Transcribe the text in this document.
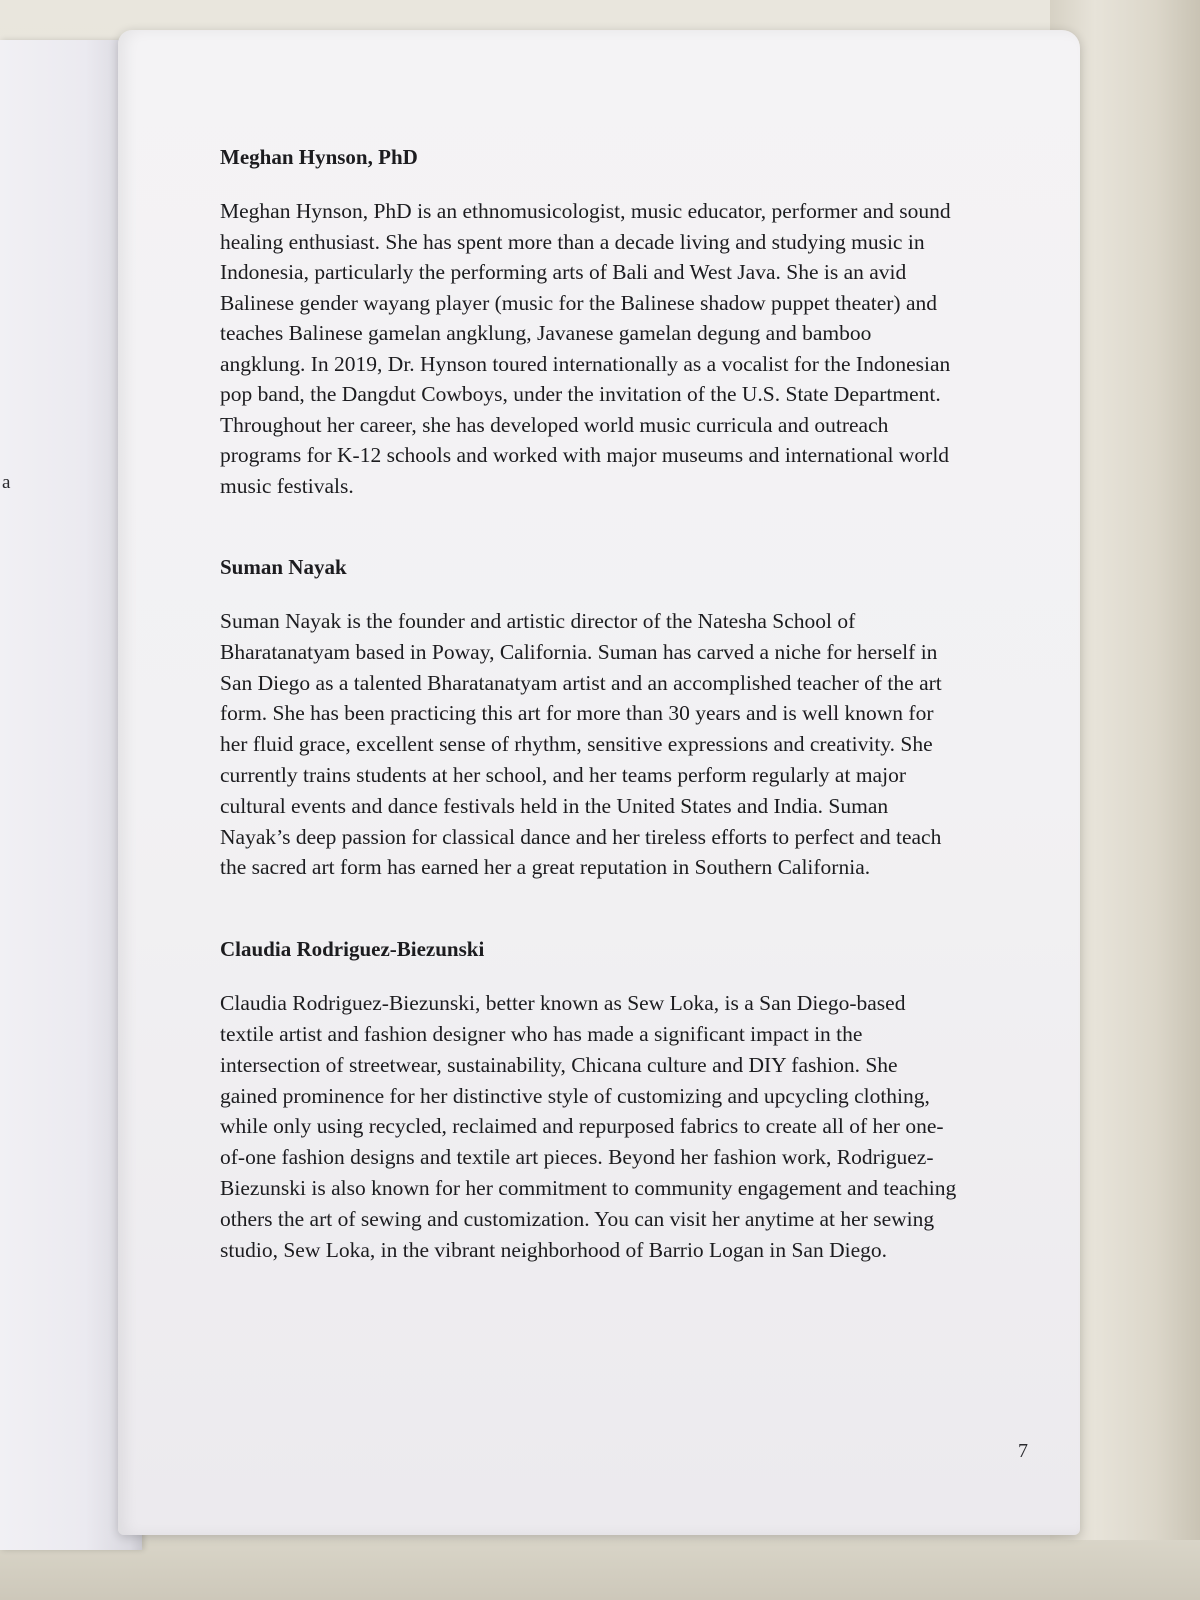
a
Meghan Hynson, PhD

Meghan Hynson, PhD is an ethnomusicologist, music educator, performer and sound healing enthusiast. She has spent more than a decade living and studying music in Indonesia, particularly the performing arts of Bali and West Java. She is an avid Balinese gender wayang player (music for the Balinese shadow puppet theater) and teaches Balinese gamelan angklung, Javanese gamelan degung and bamboo angklung. In 2019, Dr. Hynson toured internationally as a vocalist for the Indonesian pop band, the Dangdut Cowboys, under the invitation of the U.S. State Department. Throughout her career, she has developed world music curricula and outreach programs for K-12 schools and worked with major museums and international world music festivals.

Suman Nayak

Suman Nayak is the founder and artistic director of the Natesha School of Bharatanatyam based in Poway, California. Suman has carved a niche for herself in San Diego as a talented Bharatanatyam artist and an accomplished teacher of the art form. She has been practicing this art for more than 30 years and is well known for her fluid grace, excellent sense of rhythm, sensitive expressions and creativity. She currently trains students at her school, and her teams perform regularly at major cultural events and dance festivals held in the United States and India. Suman Nayak’s deep passion for classical dance and her tireless efforts to perfect and teach the sacred art form has earned her a great reputation in Southern California.

Claudia Rodriguez-Biezunski

Claudia Rodriguez-Biezunski, better known as Sew Loka, is a San Diego-based textile artist and fashion designer who has made a significant impact in the intersection of streetwear, sustainability, Chicana culture and DIY fashion. She gained prominence for her distinctive style of customizing and upcycling clothing, while only using recycled, reclaimed and repurposed fabrics to create all of her one-of-one fashion designs and textile art pieces. Beyond her fashion work, Rodriguez-Biezunski is also known for her commitment to community engagement and teaching others the art of sewing and customization. You can visit her anytime at her sewing studio, Sew Loka, in the vibrant neighborhood of Barrio Logan in San Diego.

7
